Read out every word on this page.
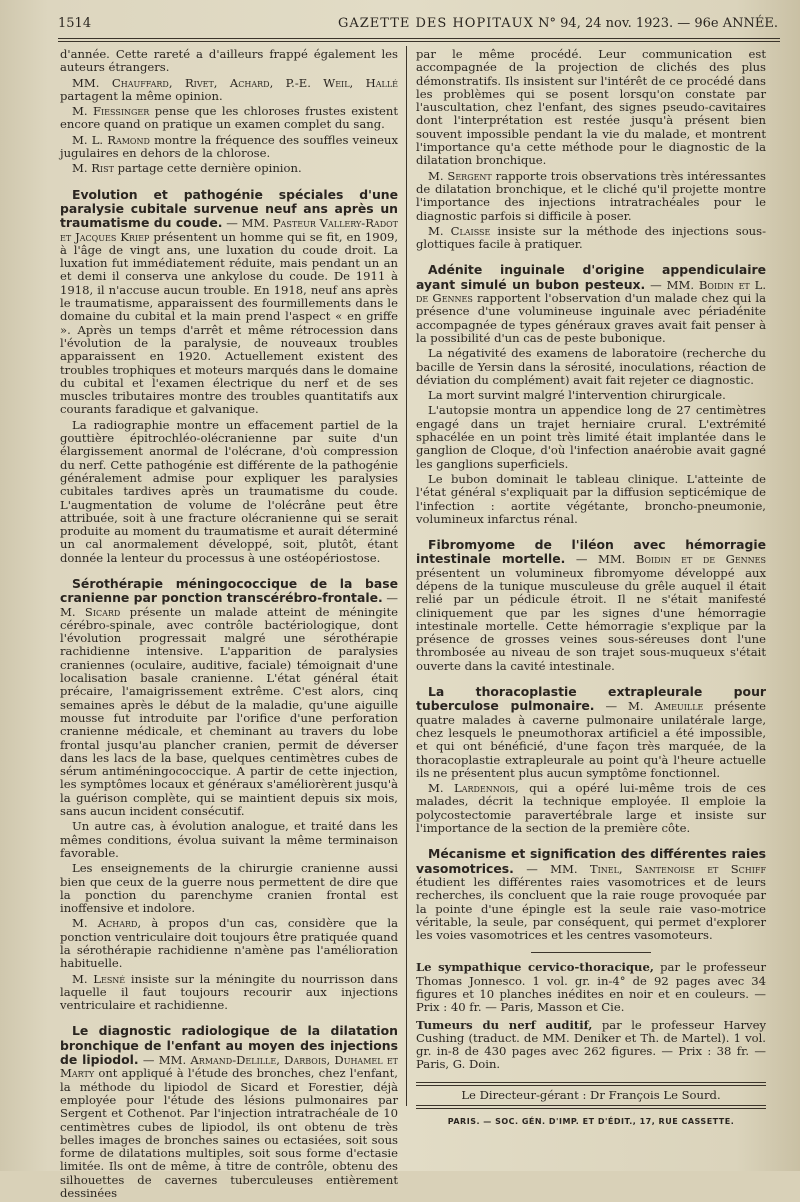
1514	GAZETTE DES HOPITAUX N° 94, 24 nov. 1923. — 96e ANNÉE.

d'année. Cette rareté a d'ailleurs frappé également les auteurs étrangers.

MM. Chauffard, Rivet, Achard, P.-E. Weil, Hallé partagent la même opinion.

M. Fiessinger pense que les chloroses frustes existent encore quand on pratique un examen complet du sang.

M. L. Ramond montre la fréquence des souffles veineux jugulaires en dehors de la chlorose.

M. Rist partage cette dernière opinion.

Evolution et pathogénie spéciales d'une paralysie cubitale survenue neuf ans après un traumatisme du coude. — MM. Pasteur Vallery-Radot et Jacques Kriep présentent un homme qui se fit, en 1909, à l'âge de vingt ans, une luxation du coude droit. La luxation fut immédiatement réduite, mais pendant un an et demi il conserva une ankylose du coude. De 1911 à 1918, il n'accuse aucun trouble. En 1918, neuf ans après le traumatisme, apparaissent des fourmillements dans le domaine du cubital et la main prend l'aspect « en griffe ». Après un temps d'arrêt et même rétrocession dans l'évolution de la paralysie, de nouveaux troubles apparaissent en 1920. Actuellement existent des troubles trophiques et moteurs marqués dans le domaine du cubital et l'examen électrique du nerf et de ses muscles tributaires montre des troubles quantitatifs aux courants faradique et galvanique.

La radiographie montre un effacement partiel de la gouttière épitrochléo-olécranienne par suite d'un élargissement anormal de l'olécrane, d'où compression du nerf. Cette pathogénie est différente de la pathogénie généralement admise pour expliquer les paralysies cubitales tardives après un traumatisme du coude. L'augmentation de volume de l'olécrâne peut être attribuée, soit à une fracture olécranienne qui se serait produite au moment du traumatisme et aurait déterminé un cal anormalement développé, soit, plutôt, étant donnée la lenteur du processus à une ostéopériostose.

Sérothérapie méningococcique de la base cranienne par ponction transcérébro-frontale. — M. Sicard présente un malade atteint de méningite cérébro-spinale, avec contrôle bactériologique, dont l'évolution progressait malgré une sérothérapie rachidienne intensive. L'apparition de paralysies craniennes (oculaire, auditive, faciale) témoignait d'une localisation basale cranienne. L'état général était précaire, l'amaigrissement extrême. C'est alors, cinq semaines après le début de la maladie, qu'une aiguille mousse fut introduite par l'orifice d'une perforation cranienne médicale, et cheminant au travers du lobe frontal jusqu'au plancher cranien, permit de déverser dans les lacs de la base, quelques centimètres cubes de sérum antiméningococcique. A partir de cette injection, les symptômes locaux et généraux s'améliorèrent jusqu'à la guérison complète, qui se maintient depuis six mois, sans aucun incident consécutif.

Un autre cas, à évolution analogue, et traité dans les mêmes conditions, évolua suivant la même terminaison favorable.

Les enseignements de la chirurgie cranienne aussi bien que ceux de la guerre nous permettent de dire que la ponction du parenchyme cranien frontal est inoffensive et indolore.

M. Achard, à propos d'un cas, considère que la ponction ventriculaire doit toujours être pratiquée quand la sérothérapie rachidienne n'amène pas l'amélioration habituelle.

M. Lesné insiste sur la méningite du nourrisson dans laquelle il faut toujours recourir aux injections ventriculaire et rachidienne.

Le diagnostic radiologique de la dilatation bronchique de l'enfant au moyen des injections de lipiodol. — MM. Armand-Delille, Darbois, Duhamel et Marty ont appliqué à l'étude des bronches, chez l'enfant, la méthode du lipiodol de Sicard et Forestier, déjà employée pour l'étude des lésions pulmonaires par Sergent et Cothenot. Par l'injection intratrachéale de 10 centimètres cubes de lipiodol, ils ont obtenu de très belles images de bronches saines ou ectasiées, soit sous forme de dilatations multiples, soit sous forme d'ectasie limitée. Ils ont de même, à titre de contrôle, obtenu des silhouettes de cavernes tuberculeuses entièrement dessinées

par le même procédé. Leur communication est accompagnée de la projection de clichés des plus démonstratifs. Ils insistent sur l'intérêt de ce procédé dans les problèmes qui se posent lorsqu'on constate par l'auscultation, chez l'enfant, des signes pseudo-cavitaires dont l'interprétation est restée jusqu'à présent bien souvent impossible pendant la vie du malade, et montrent l'importance qu'a cette méthode pour le diagnostic de la dilatation bronchique.

M. Sergent rapporte trois observations très intéressantes de dilatation bronchique, et le cliché qu'il projette montre l'importance des injections intratrachéales pour le diagnostic parfois si difficile à poser.

M. Claisse insiste sur la méthode des injections sous-glottiques facile à pratiquer.

Adénite inguinale d'origine appendiculaire ayant simulé un bubon pesteux. — MM. Boidin et L. de Gennes rapportent l'observation d'un malade chez qui la présence d'une volumineuse inguinale avec périadénite accompagnée de types généraux graves avait fait penser à la possibilité d'un cas de peste bubonique.

La négativité des examens de laboratoire (recherche du bacille de Yersin dans la sérosité, inoculations, réaction de déviation du complément) avait fait rejeter ce diagnostic.

La mort survint malgré l'intervention chirurgicale.

L'autopsie montra un appendice long de 27 centimètres engagé dans un trajet herniaire crural. L'extrémité sphacélée en un point très limité était implantée dans le ganglion de Cloque, d'où l'infection anaérobie avait gagné les ganglions superficiels.

Le bubon dominait le tableau clinique. L'atteinte de l'état général s'expliquait par la diffusion septicémique de l'infection : aortite végétante, broncho-pneumonie, volumineux infarctus rénal.

Fibromyome de l'iléon avec hémorragie intestinale mortelle. — MM. Boidin et de Gennes présentent un volumineux fibromyome développé aux dépens de la tunique musculeuse du grêle auquel il était relié par un pédicule étroit. Il ne s'était manifesté cliniquement que par les signes d'une hémorragie intestinale mortelle. Cette hémorragie s'explique par la présence de grosses veines sous-séreuses dont l'une thrombosée au niveau de son trajet sous-muqueux s'était ouverte dans la cavité intestinale.

La thoracoplastie extrapleurale pour tuberculose pulmonaire. — M. Ameuille présente quatre malades à caverne pulmonaire unilatérale large, chez lesquels le pneumothorax artificiel a été impossible, et qui ont bénéficié, d'une façon très marquée, de la thoracoplastie extrapleurale au point qu'à l'heure actuelle ils ne présentent plus aucun symptôme fonctionnel.

M. Lardennois, qui a opéré lui-même trois de ces malades, décrit la technique employée. Il emploie la polycostectomie paravertébrale large et insiste sur l'importance de la section de la première côte.

Mécanisme et signification des différentes raies vasomotrices. — MM. Tinel, Santenoise et Schiff étudient les différentes raies vasomotrices et de leurs recherches, ils concluent que la raie rouge provoquée par la pointe d'une épingle est la seule raie vaso-motrice véritable, la seule, par conséquent, qui permet d'explorer les voies vasomotrices et les centres vasomoteurs.

Le sympathique cervico-thoracique, par le professeur Thomas Jonnesco. 1 vol. gr. in-4° de 92 pages avec 34 figures et 10 planches inédites en noir et en couleurs. — Prix : 40 fr. — Paris, Masson et Cie.

Tumeurs du nerf auditif, par le professeur Harvey Cushing (traduct. de MM. Deniker et Th. de Martel). 1 vol. gr. in-8 de 430 pages avec 262 figures. — Prix : 38 fr. — Paris, G. Doin.

Le Directeur-gérant : Dr François Le Sourd.
PARIS. — SOC. GÉN. D'IMP. ET D'ÉDIT., 17, RUE CASSETTE.
